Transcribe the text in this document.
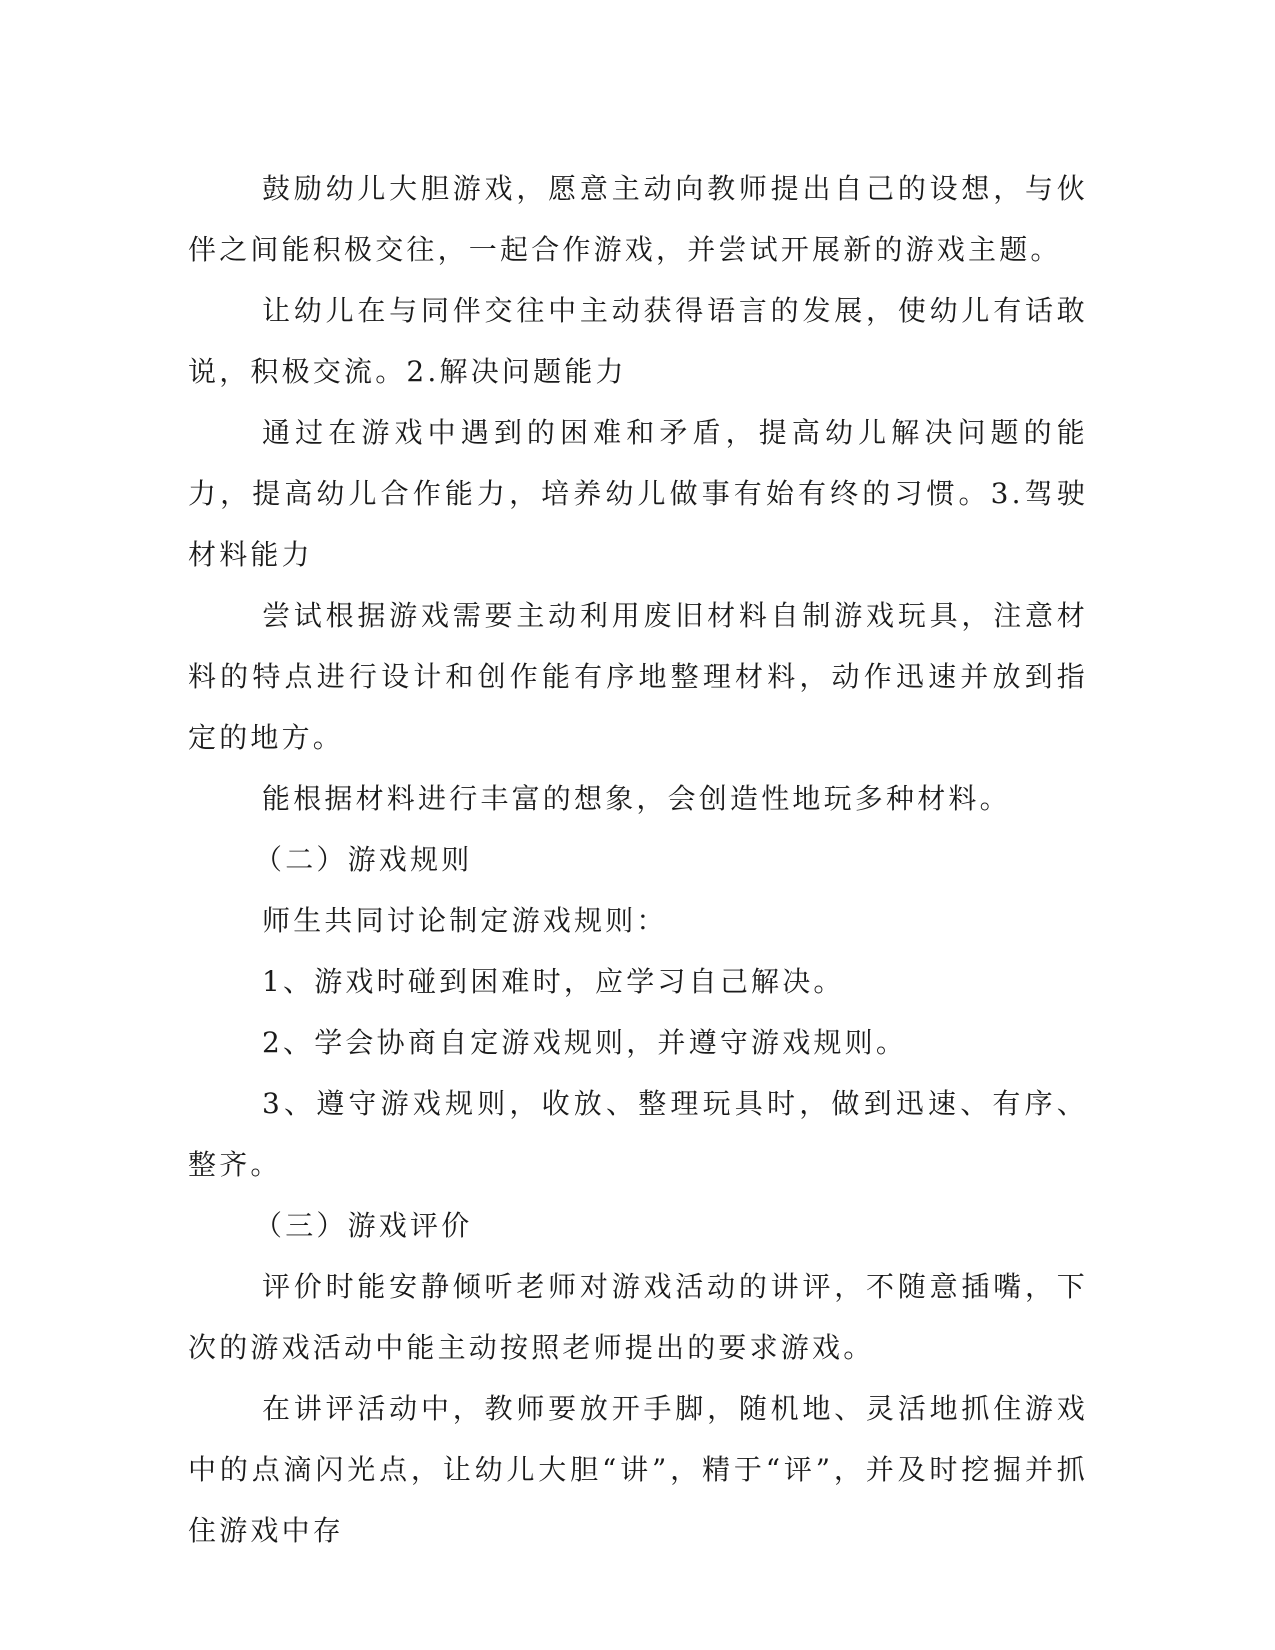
鼓励幼儿大胆游戏，愿意主动向教师提出自己的设想，与伙伴之间能积极交往，一起合作游戏，并尝试开展新的游戏主题。

让幼儿在与同伴交往中主动获得语言的发展，使幼儿有话敢说，积极交流。2.解决问题能力

通过在游戏中遇到的困难和矛盾，提高幼儿解决问题的能力，提高幼儿合作能力，培养幼儿做事有始有终的习惯。3.驾驶材料能力

尝试根据游戏需要主动利用废旧材料自制游戏玩具，注意材料的特点进行设计和创作能有序地整理材料，动作迅速并放到指定的地方。

能根据材料进行丰富的想象，会创造性地玩多种材料。

（二）游戏规则

师生共同讨论制定游戏规则：

1、游戏时碰到困难时，应学习自己解决。

2、学会协商自定游戏规则，并遵守游戏规则。

3、遵守游戏规则，收放、整理玩具时，做到迅速、有序、整齐。

（三）游戏评价

评价时能安静倾听老师对游戏活动的讲评，不随意插嘴，下次的游戏活动中能主动按照老师提出的要求游戏。

在讲评活动中，教师要放开手脚，随机地、灵活地抓住游戏中的点滴闪光点，让幼儿大胆“讲”，精于“评”，并及时挖掘并抓住游戏中存
